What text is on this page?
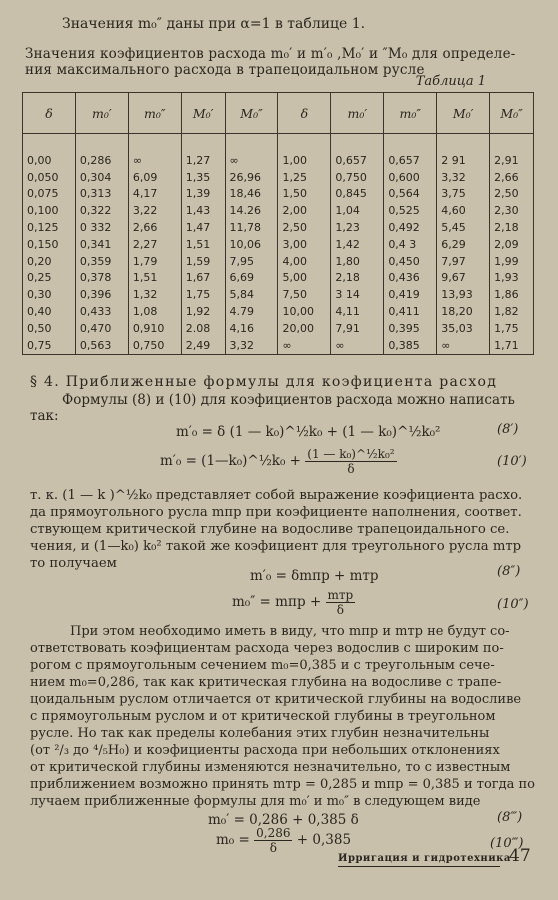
Значения m₀″ даны при α=1 в таблице 1.
Значения коэфициентов расхода m₀′ и m′₀ ,M₀′ и ″M₀ для определе-
ния максимального расхода в трапецоидальном русле
Таблица 1
δ	m₀′	m₀″	M₀′	M₀″	δ	m₀′	m₀″	M₀′	M₀″

0,00	0,286	∞	1,27	∞	1,00	0,657	0,657	2 91	2,91
0,050	0,304	6,09	1,35	26,96	1,25	0,750	0,600	3,32	2,66
0,075	0,313	4,17	1,39	18,46	1,50	0,845	0,564	3,75	2,50
0,100	0,322	3,22	1,43	14.26	2,00	1,04	0,525	4,60	2,30
0,125	0 332	2,66	1,47	11,78	2,50	1,23	0,492	5,45	2,18
0,150	0,341	2,27	1,51	10,06	3,00	1,42	0,4 3	6,29	2,09
0,20	0,359	1,79	1,59	7,95	4,00	1,80	0,450	7,97	1,99
0,25	0,378	1,51	1,67	6,69	5,00	2,18	0,436	9,67	1,93
0,30	0,396	1,32	1,75	5,84	7,50	3 14	0,419	13,93	1,86
0,40	0,433	1,08	1,92	4.79	10,00	4,11	0,411	18,20	1,82
0,50	0,470	0,910	2.08	4,16	20,00	7,91	0,395	35,03	1,75
0,75	0,563	0,750	2,49	3,32	∞	∞	0,385	∞	1,71
§ 4. Приближенные формулы для коэфициента расход
Формулы (8) и (10) для коэфициентов расхода можно написать
так:
m′₀ = δ (1 — k₀)^½k₀ + (1 — k₀)^½k₀²	(8′)
m′₀ = (1—k₀)^½k₀ + $\frac{\text{(1 — k₀)\textasciicircum{}½k₀²}}{\delta}$	(10′)
т. к. (1 — k )^½k₀ представляет собой выражение коэфициента расхо.
да прямоугольного русла mпр при коэфициенте наполнения, соответ.
ствующем критической глубине на водосливе трапецоидального се.
чения, и (1—k₀) k₀² такой же коэфициент для треугольного русла mтр
то получаем
m′₀ = δmпр + mтр	(8″)
m₀″ = mпр + $\frac{\text{mтр}}{\delta}$	(10″)
При этом необходимо иметь в виду, что mпр и mтр не будут со-
ответствовать коэфициентам расхода через водослив с широким по-
рогом с прямоугольным сечением m₀=0,385 и с треугольным сече-
нием m₀=0,286, так как критическая глубина на водосливе с трапе-
цоидальным руслом отличается от критической глубины на водосливе
с прямоугольным руслом и от критической глубины в треугольном
русле. Но так как пределы колебания этих глубин незначительны
(от ²/₃ до ⁴/₅H₀) и коэфициенты расхода при небольших отклонениях
от критической глубины изменяются незначительно, то с известным
приближением возможно принять mтр = 0,285 и mпр = 0,385 и тогда по
лучаем приближенные формулы для m₀′ и m₀″ в следующем виде
m₀′ = 0,286 + 0,385 δ	(8‴)
$m_0 = \frac{0,286}{\delta} + 0,385$	(10‴)
Ирригация и гидротехника
47
